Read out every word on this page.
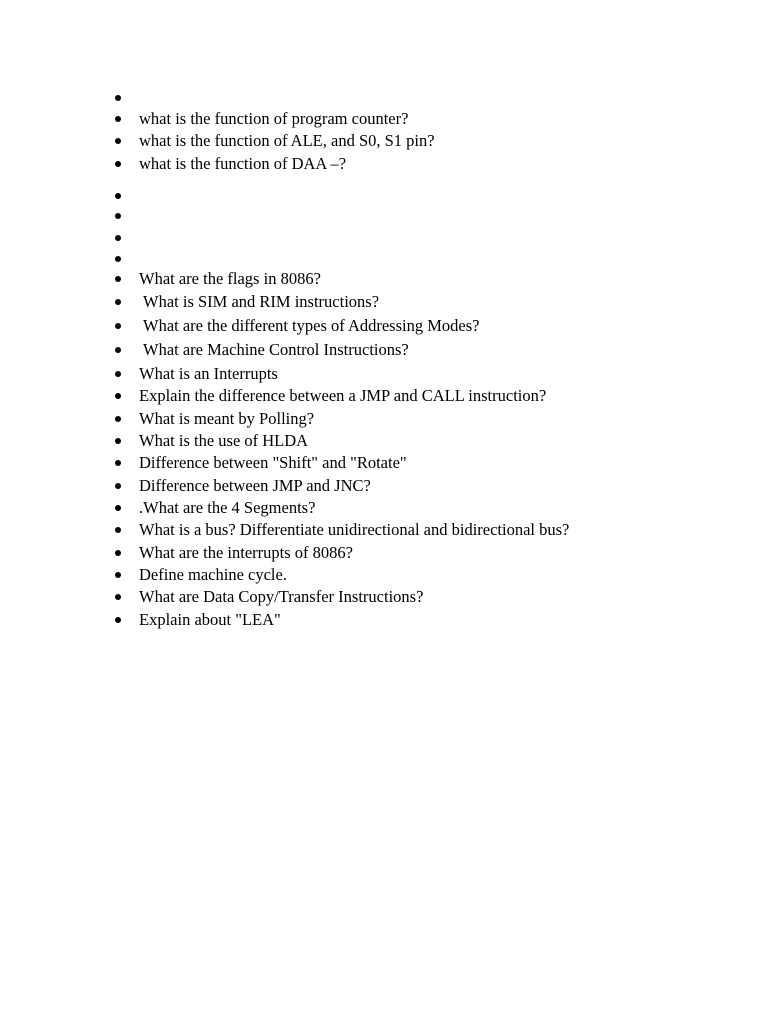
what is the function of program counter?
what is the function of ALE, and S0, S1 pin?
what is the function of DAA –?
What are the flags in 8086?
What is SIM and RIM instructions?
What are the different types of Addressing Modes?
What are Machine Control Instructions?
What is an Interrupts
Explain the difference between a JMP and CALL instruction?
What is meant by Polling?
What is the use of HLDA
Difference between "Shift" and "Rotate"
Difference between JMP and JNC?
.What are the 4 Segments?
What is a bus? Differentiate unidirectional and bidirectional bus?
What are the interrupts of 8086?
Define machine cycle.
What are Data Copy/Transfer Instructions?
Explain about "LEA"
